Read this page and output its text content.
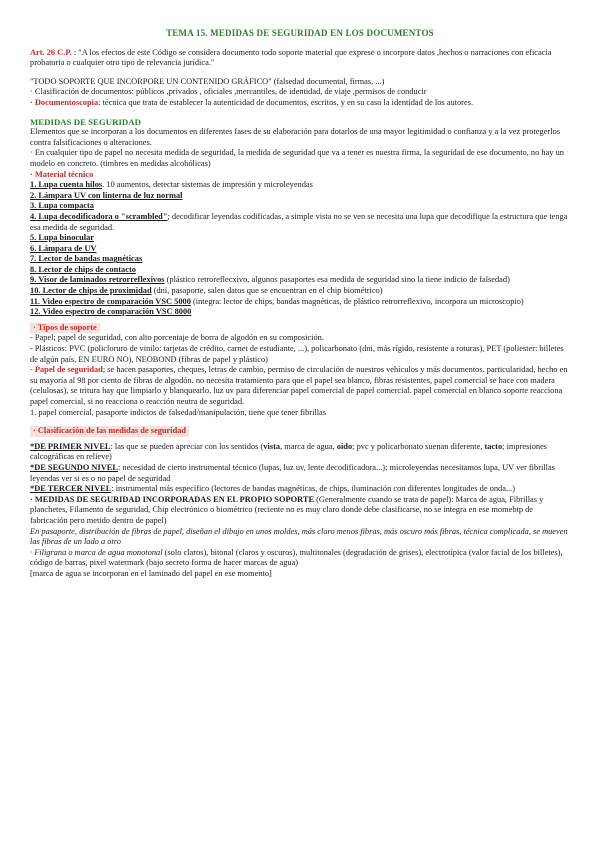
TEMA 15. MEDIDAS DE SEGURIDAD EN LOS DOCUMENTOS

Art. 26 C.P. : "A los efectos de este Código se considera documento todo soporte material que exprese o incorpore datos ,hechos o narraciones con eficacia probatoria o cualquier otro tipo de relevancia jurídica."

"TODO SOPORTE QUE INCORPORE UN CONTENIDO GRÁFICO" (falsedad documental, firmas, ...)

· Clasificación de documentos: públicos ,privados , oficiales ,mercantiles, de identidad, de viaje ,permisos de conducir

· Documentoscopia: técnica que trata de establecer la autenticidad de documentos, escritos, y en su caso la identidad de los autores.

MEDIDAS DE SEGURIDAD

Elementos que se incorporan a los documentos en diferentes fases de su elaboración para dotarlos de una mayor legitimidad o confianza y a la vez protegerlos contra falsificaciones o alteraciones.

· En cualquier tipo de papel no necesita medida de seguridad, la medida de seguridad que va a tener es nuestra firma, la seguridad de ese documento, no hay un modelo en concreto. (timbres en medidas alcohólicas)

· Material técnico

1. Lupa cuenta hilos. 10 aumentos, detectar sistemas de impresión y microleyendas

2. Lámpara UV con linterna de luz normal

3. Lupa compacta

4. Lupa decodificadora o "scrambled"; decodificar leyendas codificadas, a simple vista no se ven se necesita una lupa que decodifique la estructura que tenga esa medida de seguridad.

5. Lupa binocular

6. Lámpara de UV

7. Lector de bandas magnéticas

8. Lector de chips de contacto

9. Visor de laminados retrorreflexivos (plástico retroreflecxivo, algunos pasaportes esa medida de seguridad sino la tiene indicio de falsedad)

10. Lector de chips de proximidad (dni, pasaporte, salen datos que se encuentran en el chip biométrico)

11. Video espectro de comparación VSC 5000 (integra: lector de chips, bandas magnéticas, de plástico retrorreflexivo, incorpora un microscopio)

12. Video espectro de comparación VSC 8000

· Tipos de soporte

- Papel; papel de seguridad, con alto porcentaje de borra de algodón en su composición.

- Plásticos: PVC (policloruro de vinilo: tarjetas de crédito, carnet de estudiante, ...), policarbonato (dni, más rígido, resistente a roturas), PET (poliester: billetes de algún país, EN EURO NO), NEOBOND (fibras de papel y plástico)

- Papel de seguridad; se hacen pasaportes, cheques, letras de cambio, permiso de circulación de nuestros vehículos y más documentos. particularidad, hecho en su mayoría al 98 por ciento de fibras de algodón. no necesita tratamiento para que el papel sea blanco, fibras resistentes, papel comercial se hace con madera (celulosas), se tritura hay que limpiarlo y blanquearlo, luz uv para diferenciar papel comercial de papel comercial. papel comercial en blanco soporte reacciona papel comercial, si no reacciona o reacción neutra de seguridad.

1. papel comercial, pasaporte indicios de falsedad/manipulación, tiene que tener fibrillas

· Clasificación de las medidas de seguridad

*DE PRIMER NIVEL: las que se pueden apreciar con los sentidos (vista, marca de agua, oido; pvc y policarbonato suenan diferente, tacto; impresiones calcográficas en relieve)

*DE SEGUNDO NIVEL: necesidad de cierto instrumental técnico (lupas, luz uv, lente decodificadora...); microleyendas necesitamos lupa, UV ver fibrillas leyendas ver si es o no papel de seguridad

*DE TERCER NIVEL: instrumental más específico (lectores de bandas magnéticas, de chips, iluminación con diferentes longitudes de onda...)

· MEDIDAS DE SEGURIDAD INCORPORADAS EN EL PROPIO SOPORTE (Generalmente cuando se trata de papel): Marca de agua, Fibrillas y planchetes, Filamento de seguridad, Chip electrónico o biométrico (reciente no es muy claro donde debe clasificarse, no se integra en ese momebtp de fabricación pero metido dentro de papel)

En pasaporte, distribución de fibras de papel, diseñan el dibujo en unos moldes, más claro menos fibras, más oscuro más fibras, técnica complicada, se mueven las fibras de un lado a otro

· Filigrana o marca de agua monotonal (solo claros), bitonal (claros y oscuros), multitonales (degradación de grises), electrotípica (valor facial de los billetes), código de barras, pixel watermark (bajo secreto forma de hacer marcas de agua)

[marca de agua se incorporan en el laminado del papel en ese momento]
